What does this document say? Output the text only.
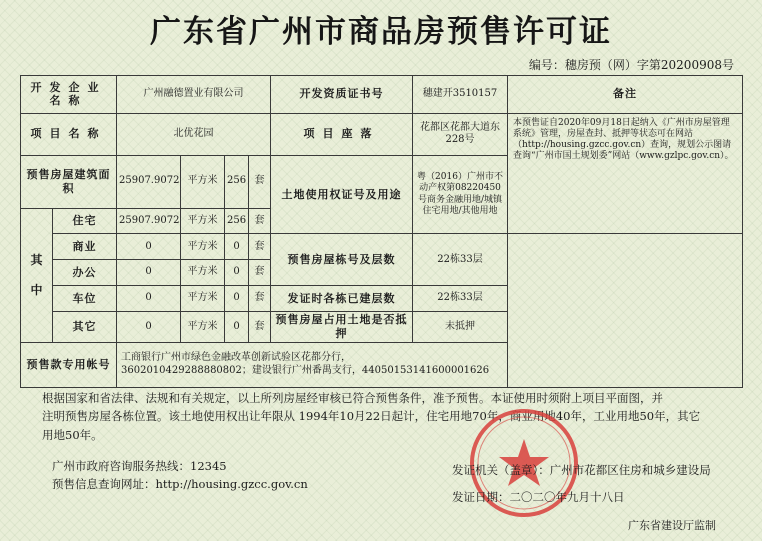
广东省广州市商品房预售许可证
编号：穗房预（网）字第20200908号
开发企业名称		广州融德置业有限公司				开发资质证书号	穗建开3510157	备注
项目名称		北优花园				项目座落	花都区花都大道东228号	本预售证自2020年09月18日起纳入《广州市房屋管理系统》管理，房屋查封、抵押等状态可在网站（http://housing.gzcc.gov.cn）查询，规划公示图请查询“广州市国土规划委”网站（www.gzlpc.gov.cn）。
预售房屋建筑面积		25907.9072	平方米	256	套	土地使用权证号及用途	粤（2016）广州市不动产权第08220450号商务金融用地/城镇住宅用地/其他用地	
其

中	住宅	25907.9072	平方米	256	套			
	商业	0	平方米	0	套	预售房屋栋号及层数	22栋33层	
	办公	0	平方米	0	套			
	车位	0	平方米	0	套	发证时各栋已建层数	22栋33层	
	其它	0	平方米	0	套	预售房屋占用土地是否抵押	未抵押	
预售款专用帐号		工商银行广州市绿色金融改革创新试验区花都分行，
3602010429288880802；建设银行广州番禺支行，44050153141600001626						
根据国家和省法律、法规和有关规定，以上所列房屋经审核已符合预售条件，准予预售。本证使用时须附上项目平面图，并
注明预售房屋各栋位置。该土地使用权出让年限从 1994年10月22日起计，住宅用地70年，商业用地40年，工业用地50年，其它
用地50年。
广州市政府咨询服务热线：12345
预售信息查询网址：http://housing.gzcc.gov.cn
发证机关（盖章）：广州市花都区住房和城乡建设局
发证日期：二〇二〇年九月十八日
广东省建设厅监制
